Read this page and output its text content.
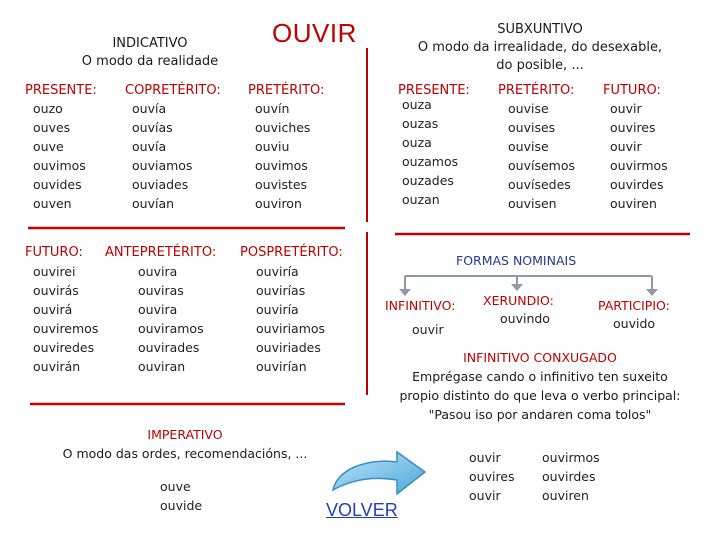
OUVIR
INDICATIVO
O modo da realidade
SUBXUNTIVO
O modo da irrealidade, do desexable,
do posible, ...
PRESENTE:
ouzo
ouves
ouve
ouvimos
ouvides
ouven
COPRETÉRITO:
ouvía
ouvías
ouvía
ouviamos
ouviades
ouvían
PRETÉRITO:
ouvín
ouviches
ouviu
ouvimos
ouvistes
ouviron
FUTURO:
ouvirei
ouvirás
ouvirá
ouviremos
ouviredes
ouvirán
ANTEPRETÉRITO:
ouvira
ouviras
ouvira
ouviramos
ouvirades
ouviran
POSPRETÉRITO:
ouviría
ouvirías
ouviría
ouviriamos
ouviriades
ouvirían
PRESENTE:
ouza
ouzas
ouza
ouzamos
ouzades
ouzan
PRETÉRITO:
ouvise
ouvises
ouvise
ouvísemos
ouvísedes
ouvisen
FUTURO:
ouvir
ouvires
ouvir
ouvirmos
ouvirdes
ouviren
FORMAS NOMINAIS
INFINITIVO:
ouvir
XERUNDIO:
ouvindo
PARTICIPIO:
ouvido
INFINITIVO CONXUGADO
Emprégase cando o infinitivo ten suxeito
propio distinto do que leva o verbo principal:
"Pasou iso por andaren coma tolos"
ouvir
ouvires
ouvir
ouvirmos
ouvirdes
ouviren
IMPERATIVO
O modo das ordes, recomendacións, ...
ouve
ouvide	VOLVER
